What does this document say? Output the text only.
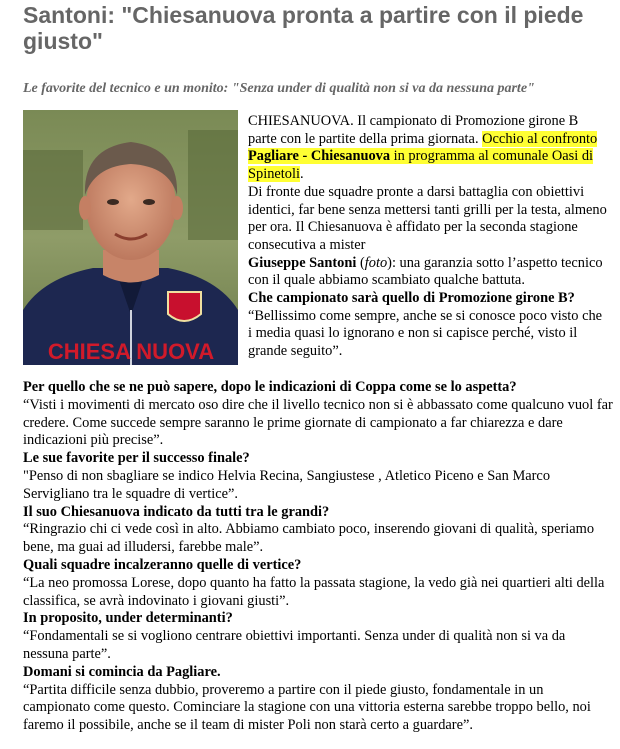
Santoni: "Chiesanuova pronta a partire con il piede giusto"

Le favorite del tecnico e un monito: "Senza under di qualità non si va da nessuna parte"

CHIESA NUOVA

CHIESANUOVA. Il campionato di Promozione girone B parte con le partite della prima giornata. Occhio al confronto Pagliare - Chiesanuova in programma al comunale Oasi di Spinetoli.

Di fronte due squadre pronte a darsi battaglia con obiettivi identici, far bene senza mettersi tanti grilli per la testa, almeno per ora. Il Chiesanuova è affidato per la seconda stagione consecutiva a mister

Giuseppe Santoni (foto): una garanzia sotto l’aspetto tecnico con il quale abbiamo scambiato qualche battuta.

Che campionato sarà quello di Promozione girone B?

“Bellissimo come sempre, anche se si conosce poco visto che i media quasi lo ignorano e non si capisce perché, visto il grande seguito”.

Per quello che se ne può sapere, dopo le indicazioni di Coppa come se lo aspetta?

“Visti i movimenti di mercato oso dire che il livello tecnico non si è abbassato come qualcuno vuol far credere. Come succede sempre saranno le prime giornate di campionato a far chiarezza e dare indicazioni più precise”.

Le sue favorite per il successo finale?

"Penso di non sbagliare se indico Helvia Recina, Sangiustese , Atletico Piceno e San Marco Servigliano tra le squadre di vertice”.

Il suo Chiesanuova indicato da tutti tra le grandi?

“Ringrazio chi ci vede così in alto. Abbiamo cambiato poco, inserendo giovani di qualità, speriamo bene, ma guai ad illudersi, farebbe male”.

Quali squadre incalzeranno quelle di vertice?

“La neo promossa Lorese, dopo quanto ha fatto la passata stagione, la vedo già nei quartieri alti della classifica, se avrà indovinato i giovani giusti”.

In proposito, under determinanti?

“Fondamentali se si vogliono centrare obiettivi importanti. Senza under di qualità non si va da nessuna parte”.

Domani si comincia da Pagliare.

“Partita difficile senza dubbio, proveremo a partire con il piede giusto, fondamentale in un campionato come questo. Cominciare la stagione con una vittoria esterna sarebbe troppo bello, noi faremo il possibile, anche se il team di mister Poli non starà certo a guardare”.
